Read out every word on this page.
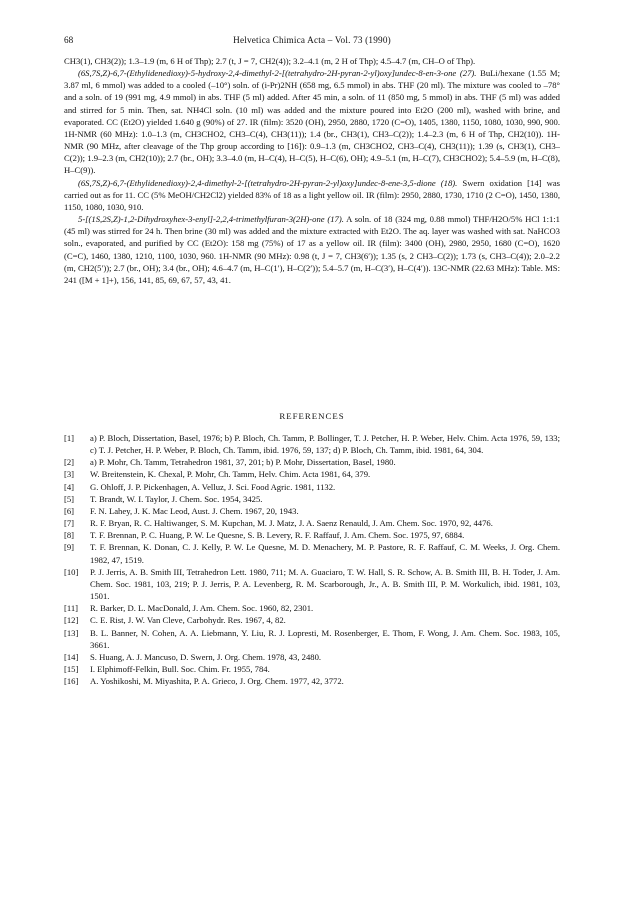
68	Helvetica Chimica Acta – Vol. 73 (1990)

CH3(1), CH3(2)); 1.3–1.9 (m, 6 H of Thp); 2.7 (t, J = 7, CH2(4)); 3.2–4.1 (m, 2 H of Thp); 4.5–4.7 (m, CH–O of Thp).

(6S,7S,Z)-6,7-(Ethylidenedioxy)-5-hydroxy-2,4-dimethyl-2-[(tetrahydro-2H-pyran-2-yl)oxy]undec-8-en-3-one (27). BuLi/hexane (1.55 M; 3.87 ml, 6 mmol) was added to a cooled (–10°) soln. of (i-Pr)2NH (658 mg, 6.5 mmol) in abs. THF (20 ml). The mixture was cooled to –78° and a soln. of 19 (991 mg, 4.9 mmol) in abs. THF (5 ml) added. After 45 min, a soln. of 11 (850 mg, 5 mmol) in abs. THF (5 ml) was added and stirred for 5 min. Then, sat. NH4Cl soln. (10 ml) was added and the mixture poured into Et2O (200 ml), washed with brine, and evaporated. CC (Et2O) yielded 1.640 g (90%) of 27. IR (film): 3520 (OH), 2950, 2880, 1720 (C=O), 1405, 1380, 1150, 1080, 1030, 990, 900. 1H-NMR (60 MHz): 1.0–1.3 (m, CH3CHO2, CH3–C(4), CH3(11)); 1.4 (br., CH3(1), CH3–C(2)); 1.4–2.3 (m, 6 H of Thp, CH2(10)). 1H-NMR (90 MHz, after cleavage of the Thp group according to [16]): 0.9–1.3 (m, CH3CHO2, CH3–C(4), CH3(11)); 1.39 (s, CH3(1), CH3–C(2)); 1.9–2.3 (m, CH2(10)); 2.7 (br., OH); 3.3–4.0 (m, H–C(4), H–C(5), H–C(6), OH); 4.9–5.1 (m, H–C(7), CH3CHO2); 5.4–5.9 (m, H–C(8), H–C(9)).

(6S,7S,Z)-6,7-(Ethylidenedioxy)-2,4-dimethyl-2-[(tetrahydro-2H-pyran-2-yl)oxy]undec-8-ene-3,5-dione (18). Swern oxidation [14] was carried out as for 11. CC (5% MeOH/CH2Cl2) yielded 83% of 18 as a light yellow oil. IR (film): 2950, 2880, 1730, 1710 (2 C=O), 1450, 1380, 1150, 1080, 1030, 910.

5-[(1S,2S,Z)-1,2-Dihydroxyhex-3-enyl]-2,2,4-trimethylfuran-3(2H)-one (17). A soln. of 18 (324 mg, 0.88 mmol) THF/H2O/5% HCl 1:1:1 (45 ml) was stirred for 24 h. Then brine (30 ml) was added and the mixture extracted with Et2O. The aq. layer was washed with sat. NaHCO3 soln., evaporated, and purified by CC (Et2O): 158 mg (75%) of 17 as a yellow oil. IR (film): 3400 (OH), 2980, 2950, 1680 (C=O), 1620 (C=C), 1460, 1380, 1210, 1100, 1030, 960. 1H-NMR (90 MHz): 0.98 (t, J = 7, CH3(6′)); 1.35 (s, 2 CH3–C(2)); 1.73 (s, CH3–C(4)); 2.0–2.2 (m, CH2(5′)); 2.7 (br., OH); 3.4 (br., OH); 4.6–4.7 (m, H–C(1′), H–C(2′)); 5.4–5.7 (m, H–C(3′), H–C(4′)). 13C-NMR (22.63 MHz): Table. MS: 241 ([M + 1]+), 156, 141, 85, 69, 67, 57, 43, 41.

REFERENCES
[1] a) P. Bloch, Dissertation, Basel, 1976; b) P. Bloch, Ch. Tamm, P. Bollinger, T. J. Petcher, H. P. Weber, Helv. Chim. Acta 1976, 59, 133; c) T. J. Petcher, H. P. Weber, P. Bloch, Ch. Tamm, ibid. 1976, 59, 137; d) P. Bloch, Ch. Tamm, ibid. 1981, 64, 304.
[2] a) P. Mohr, Ch. Tamm, Tetrahedron 1981, 37, 201; b) P. Mohr, Dissertation, Basel, 1980.
[3] W. Breitenstein, K. Chexal, P. Mohr, Ch. Tamm, Helv. Chim. Acta 1981, 64, 379.
[4] G. Ohloff, J. P. Pickenhagen, A. Velluz, J. Sci. Food Agric. 1981, 1132.
[5] T. Brandt, W. I. Taylor, J. Chem. Soc. 1954, 3425.
[6] F. N. Lahey, J. K. Mac Leod, Aust. J. Chem. 1967, 20, 1943.
[7] R. F. Bryan, R. C. Haltiwanger, S. M. Kupchan, M. J. Matz, J. A. Saenz Renauld, J. Am. Chem. Soc. 1970, 92, 4476.
[8] T. F. Brennan, P. C. Huang, P. W. Le Quesne, S. B. Levery, R. F. Raffauf, J. Am. Chem. Soc. 1975, 97, 6884.
[9] T. F. Brennan, K. Donan, C. J. Kelly, P. W. Le Quesne, M. D. Menachery, M. P. Pastore, R. F. Raffauf, C. M. Weeks, J. Org. Chem. 1982, 47, 1519.
[10] P. J. Jerris, A. B. Smith III, Tetrahedron Lett. 1980, 711; M. A. Guaciaro, T. W. Hall, S. R. Schow, A. B. Smith III, B. H. Toder, J. Am. Chem. Soc. 1981, 103, 219; P. J. Jerris, P. A. Levenberg, R. M. Scarborough, Jr., A. B. Smith III, P. M. Workulich, ibid. 1981, 103, 1501.
[11] R. Barker, D. L. MacDonald, J. Am. Chem. Soc. 1960, 82, 2301.
[12] C. E. Rist, J. W. Van Cleve, Carbohydr. Res. 1967, 4, 82.
[13] B. L. Banner, N. Cohen, A. A. Liebmann, Y. Liu, R. J. Lopresti, M. Rosenberger, E. Thom, F. Wong, J. Am. Chem. Soc. 1983, 105, 3661.
[14] S. Huang, A. J. Mancuso, D. Swern, J. Org. Chem. 1978, 43, 2480.
[15] I. Elphimoff-Felkin, Bull. Soc. Chim. Fr. 1955, 784.
[16] A. Yoshikoshi, M. Miyashita, P. A. Grieco, J. Org. Chem. 1977, 42, 3772.
